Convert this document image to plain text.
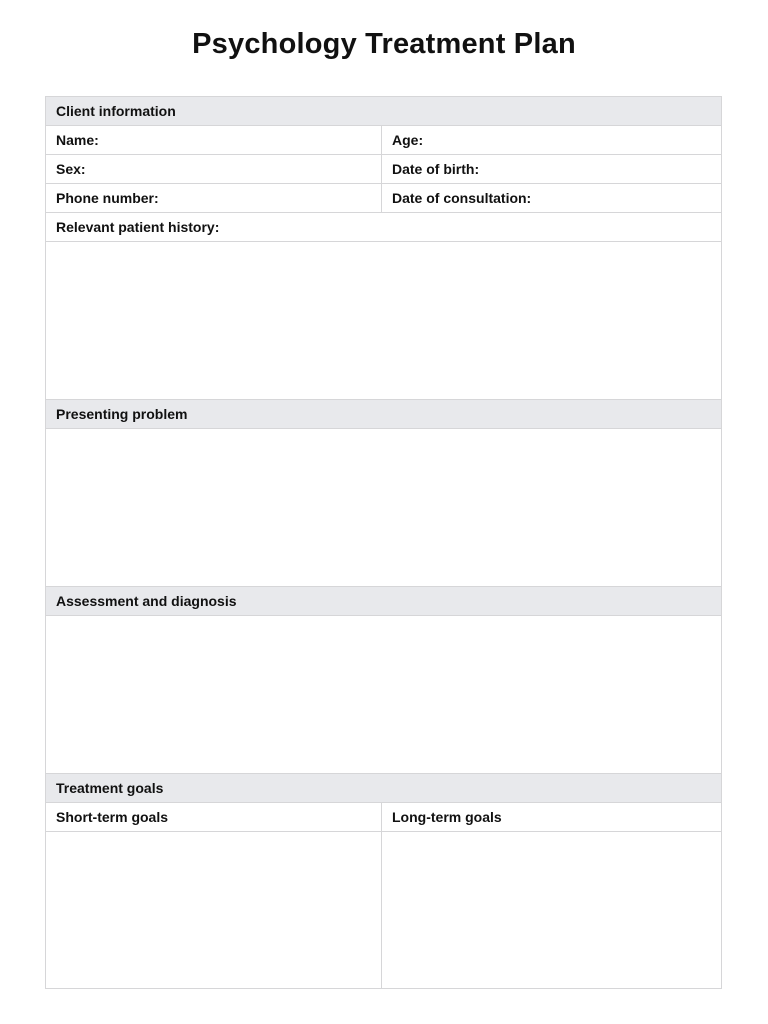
Psychology Treatment Plan
Client information	
Name:	Age:
Sex:	Date of birth:
Phone number:	Date of consultation:
Relevant patient history:	

Presenting problem	

Assessment and diagnosis	

Treatment goals	
Short-term goals	Long-term goals
